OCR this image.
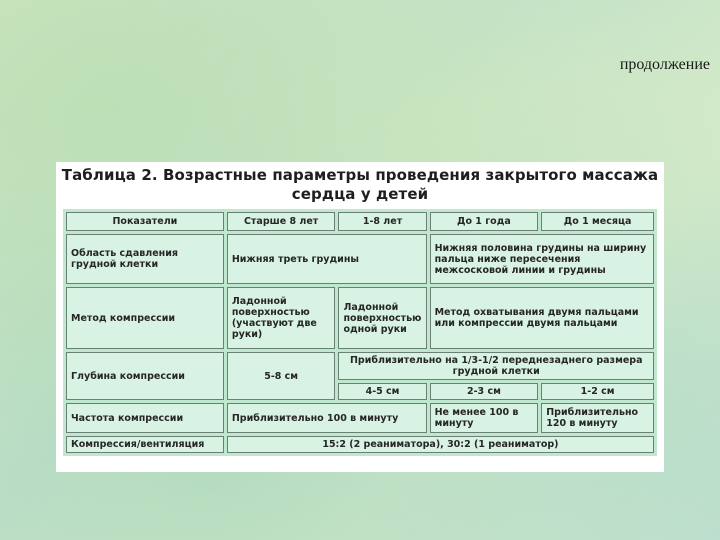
продолжение
Таблица 2. Возрастные параметры проведения закрытого массажа
сердца у детей
Показатели	Старше 8 лет	1-8 лет	До 1 года	До 1 месяца
Область сдавления грудной клетки	Нижняя треть грудины		Нижняя половина грудины на ширину пальца ниже пересечения межсосковой линии и грудины	
Метод компрессии	Ладонной поверхностью (участвуют две руки)	Ладонной поверхностью одной руки	Метод охватывания двумя пальцами или компрессии двумя пальцами	
Глубина компрессии	5-8 см	Приблизительно на 1/3-1/2 переднезаднего размера грудной клетки		
		4-5 см	2-3 см	1-2 см
Частота компрессии	Приблизительно 100 в минуту		Не менее 100 в минуту	Приблизительно 120 в минуту
Компрессия/вентиляция	15:2 (2 реаниматора), 30:2 (1 реаниматор)			
